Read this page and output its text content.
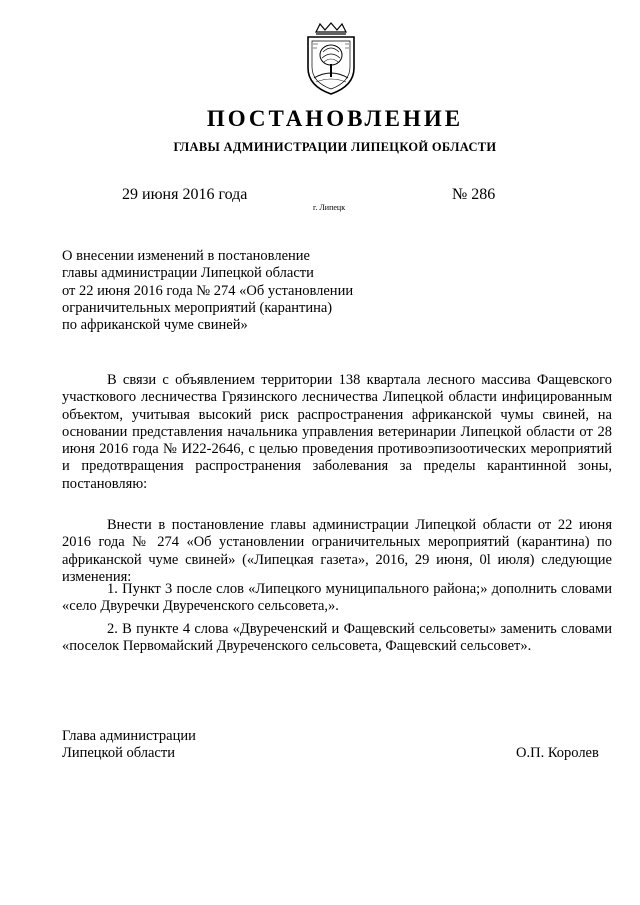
ПОСТАНОВЛЕНИЕ
ГЛАВЫ АДМИНИСТРАЦИИ ЛИПЕЦКОЙ ОБЛАСТИ
29 июня 2016 года
г. Липецк
№ 286
О внесении изменений в постановление
главы администрации Липецкой области
от 22 июня 2016 года № 274 «Об установлении
ограничительных мероприятий (карантина)
по африканской чуме свиней»
В связи с объявлением территории 138 квартала лесного массива Фащевского участкового лесничества Грязинского лесничества Липецкой области инфицированным объектом, учитывая высокий риск распространения африканской чумы свиней, на основании представления начальника управления ветеринарии Липецкой области от 28 июня 2016 года № И22-2646, с целью проведения противоэпизоотических мероприятий и предотвращения распространения заболевания за пределы карантинной зоны, постановляю:
Внести в постановление главы администрации Липецкой области от 22 июня 2016 года № 274 «Об установлении ограничительных мероприятий (карантина) по африканской чуме свиней» («Липецкая газета», 2016, 29 июня, 0l июля) следующие изменения:
1. Пункт 3 после слов «Липецкого муниципального района;» дополнить словами «село Двуречки Двуреченского сельсовета,».
2. В пункте 4 слова «Двуреченский и Фащевский сельсоветы» заменить словами «поселок Первомайский Двуреченского сельсовета, Фащевский сельсовет».
Глава администрации
Липецкой области	О.П. Королев
